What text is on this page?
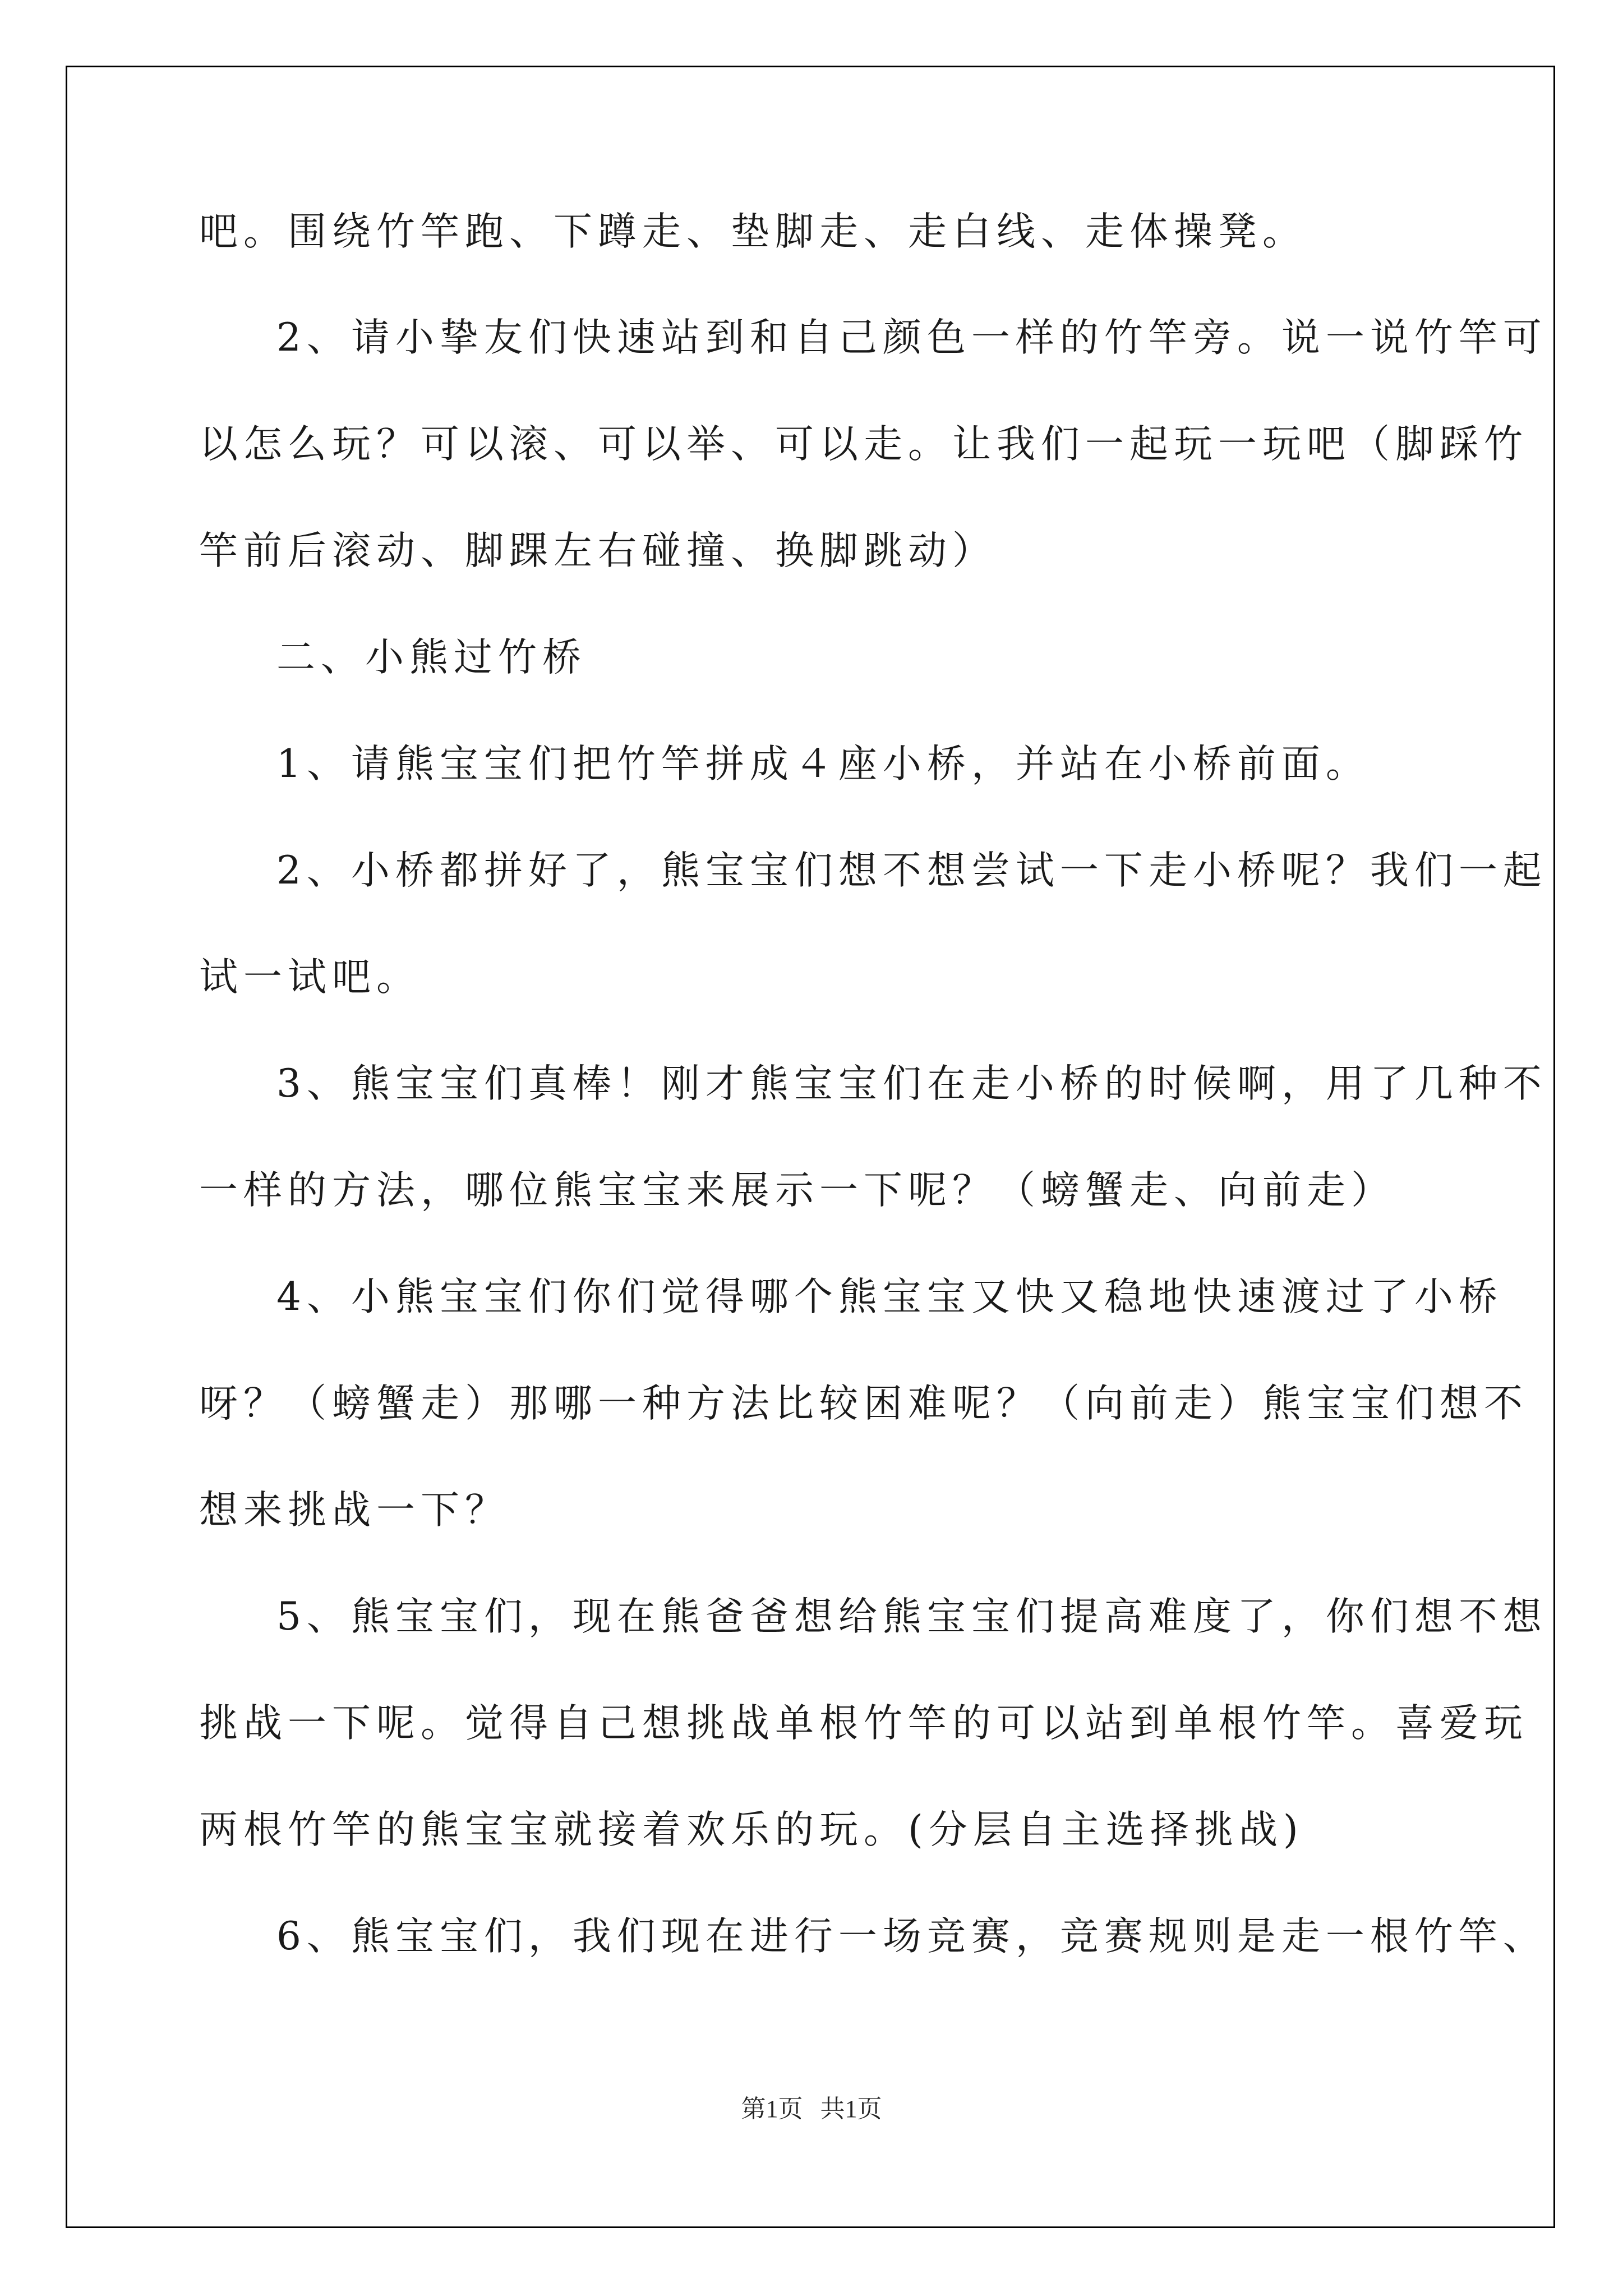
吧。围绕竹竿跑、下蹲走、垫脚走、走白线、走体操凳。
2、请小挚友们快速站到和自己颜色一样的竹竿旁。说一说竹竿可
以怎么玩？可以滚、可以举、可以走。让我们一起玩一玩吧（脚踩竹
竿前后滚动、脚踝左右碰撞、换脚跳动）
二、小熊过竹桥
1、请熊宝宝们把竹竿拼成４座小桥，并站在小桥前面。
2、小桥都拼好了，熊宝宝们想不想尝试一下走小桥呢？我们一起
试一试吧。
3、熊宝宝们真棒！刚才熊宝宝们在走小桥的时候啊，用了几种不
一样的方法，哪位熊宝宝来展示一下呢？（螃蟹走、向前走）
4、小熊宝宝们你们觉得哪个熊宝宝又快又稳地快速渡过了小桥
呀？（螃蟹走）那哪一种方法比较困难呢？（向前走）熊宝宝们想不
想来挑战一下？
5、熊宝宝们，现在熊爸爸想给熊宝宝们提高难度了，你们想不想
挑战一下呢。觉得自己想挑战单根竹竿的可以站到单根竹竿。喜爱玩
两根竹竿的熊宝宝就接着欢乐的玩。(分层自主选择挑战)
6、熊宝宝们，我们现在进行一场竞赛，竞赛规则是走一根竹竿、
第1页 共1页
